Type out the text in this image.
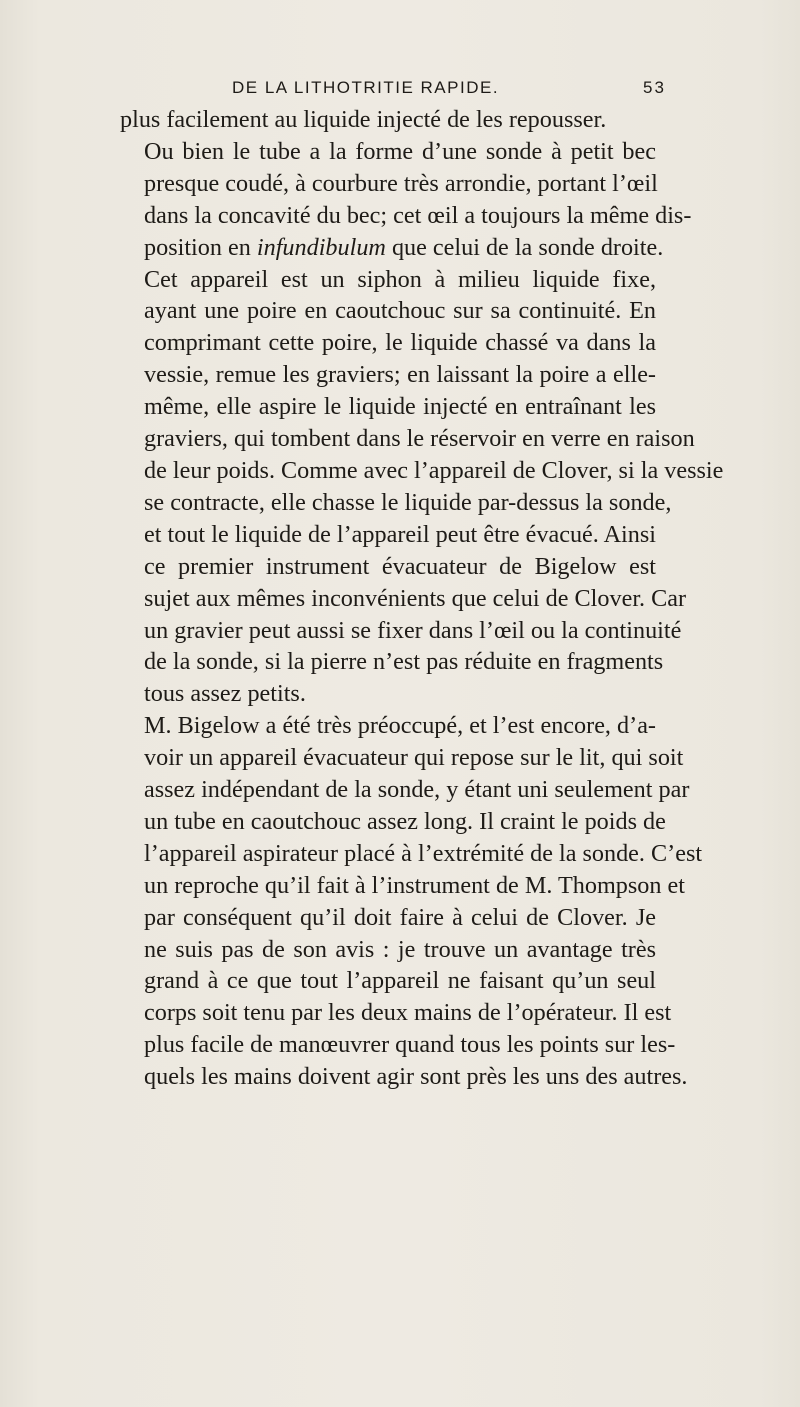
DE LA LITHOTRITIE RAPIDE.	53

plus facilement au liquide injecté de les repousser.

Ou bien le tube a la forme d’une sonde à petit bec
presque coudé, à courbure très arrondie, portant l’œil
dans la concavité du bec; cet œil a toujours la même dis-
position en infundibulum que celui de la sonde droite.
Cet appareil est un siphon à milieu liquide fixe,
ayant une poire en caoutchouc sur sa continuité. En
comprimant cette poire, le liquide chassé va dans la
vessie, remue les graviers; en laissant la poire a elle-
même, elle aspire le liquide injecté en entraînant les
graviers, qui tombent dans le réservoir en verre en raison
de leur poids. Comme avec l’appareil de Clover, si la vessie
se contracte, elle chasse le liquide par-dessus la sonde,
et tout le liquide de l’appareil peut être évacué. Ainsi
ce premier instrument évacuateur de Bigelow est
sujet aux mêmes inconvénients que celui de Clover. Car
un gravier peut aussi se fixer dans l’œil ou la continuité
de la sonde, si la pierre n’est pas réduite en fragments
tous assez petits.

M. Bigelow a été très préoccupé, et l’est encore, d’a-
voir un appareil évacuateur qui repose sur le lit, qui soit
assez indépendant de la sonde, y étant uni seulement par
un tube en caoutchouc assez long. Il craint le poids de
l’appareil aspirateur placé à l’extrémité de la sonde. C’est
un reproche qu’il fait à l’instrument de M. Thompson et
par conséquent qu’il doit faire à celui de Clover. Je
ne suis pas de son avis : je trouve un avantage très
grand à ce que tout l’appareil ne faisant qu’un seul
corps soit tenu par les deux mains de l’opérateur. Il est
plus facile de manœuvrer quand tous les points sur les-
quels les mains doivent agir sont près les uns des autres.
